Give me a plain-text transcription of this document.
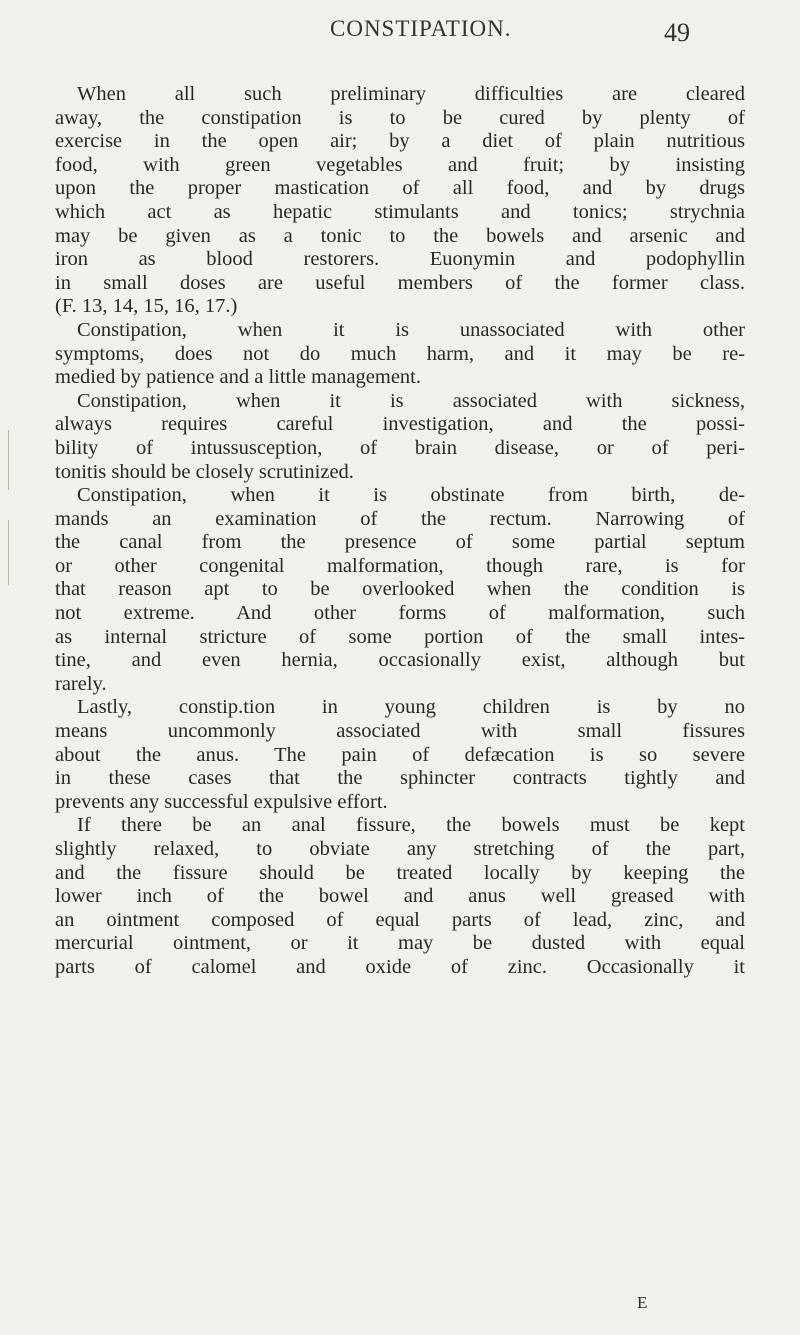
CONSTIPATION.	49
When all such preliminary difficulties are cleared
away, the constipation is to be cured by plenty of
exercise in the open air; by a diet of plain nutritious
food, with green vegetables and fruit; by insisting
upon the proper mastication of all food, and by drugs
which act as hepatic stimulants and tonics; strychnia
may be given as a tonic to the bowels and arsenic and
iron as blood restorers. Euonymin and podophyllin
in small doses are useful members of the former class.
(F. 13, 14, 15, 16, 17.)
Constipation, when it is unassociated with other
symptoms, does not do much harm, and it may be re-
medied by patience and a little management.
Constipation, when it is associated with sickness,
always requires careful investigation, and the possi-
bility of intussusception, of brain disease, or of peri-
tonitis should be closely scrutinized.
Constipation, when it is obstinate from birth, de-
mands an examination of the rectum. Narrowing of
the canal from the presence of some partial septum
or other congenital malformation, though rare, is for
that reason apt to be overlooked when the condition is
not extreme. And other forms of malformation, such
as internal stricture of some portion of the small intes-
tine, and even hernia, occasionally exist, although but
rarely.
Lastly, constip.tion in young children is by no
means uncommonly associated with small fissures
about the anus. The pain of defæcation is so severe
in these cases that the sphincter contracts tightly and
prevents any successful expulsive effort.
If there be an anal fissure, the bowels must be kept
slightly relaxed, to obviate any stretching of the part,
and the fissure should be treated locally by keeping the
lower inch of the bowel and anus well greased with
an ointment composed of equal parts of lead, zinc, and
mercurial ointment, or it may be dusted with equal
parts of calomel and oxide of zinc. Occasionally it
E
